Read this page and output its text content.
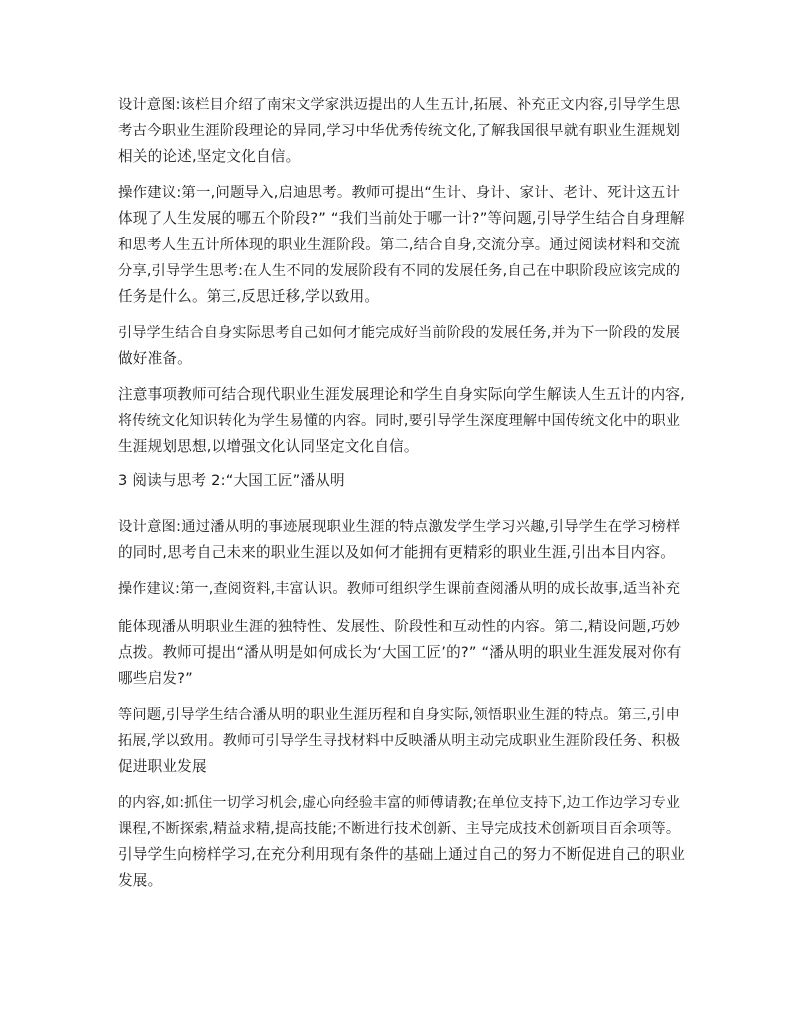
设计意图:该栏目介绍了南宋文学家洪迈提出的人生五计,拓展、补充正文内容,引导学生思
考古今职业生涯阶段理论的异同,学习中华优秀传统文化,了解我国很早就有职业生涯规划
相关的论述,坚定文化自信。

操作建议:第一,问题导入,启迪思考。教师可提出“生计、身计、家计、老计、死计这五计
体现了人生发展的哪五个阶段?” “我们当前处于哪一计?”等问题,引导学生结合自身理解
和思考人生五计所体现的职业生涯阶段。第二,结合自身,交流分享。通过阅读材料和交流
分享,引导学生思考:在人生不同的发展阶段有不同的发展任务,自己在中职阶段应该完成的
任务是什么。第三,反思迁移,学以致用。

引导学生结合自身实际思考自己如何才能完成好当前阶段的发展任务,并为下一阶段的发展
做好准备。

注意事项教师可结合现代职业生涯发展理论和学生自身实际向学生解读人生五计的内容,
将传统文化知识转化为学生易懂的内容。同时,要引导学生深度理解中国传统文化中的职业
生涯规划思想,以增强文化认同坚定文化自信。

3 阅读与思考 2:“大国工匠”潘从明

设计意图:通过潘从明的事迹展现职业生涯的特点激发学生学习兴趣,引导学生在学习榜样
的同时,思考自己未来的职业生涯以及如何才能拥有更精彩的职业生涯,引出本目内容。

操作建议:第一,查阅资料,丰富认识。教师可组织学生课前查阅潘从明的成长故事,适当补充

能体现潘从明职业生涯的独特性、发展性、阶段性和互动性的内容。第二,精设问题,巧妙
点拨。教师可提出“潘从明是如何成长为‘大国工匠’的?” “潘从明的职业生涯发展对你有
哪些启发?”

等问题,引导学生结合潘从明的职业生涯历程和自身实际,领悟职业生涯的特点。第三,引申
拓展,学以致用。教师可引导学生寻找材料中反映潘从明主动完成职业生涯阶段任务、积极
促进职业发展

的内容,如:抓住一切学习机会,虚心向经验丰富的师傅请教;在单位支持下,边工作边学习专业
课程,不断探索,精益求精,提高技能;不断进行技术创新、主导完成技术创新项目百余项等。
引导学生向榜样学习,在充分利用现有条件的基础上通过自己的努力不断促进自己的职业
发展。
